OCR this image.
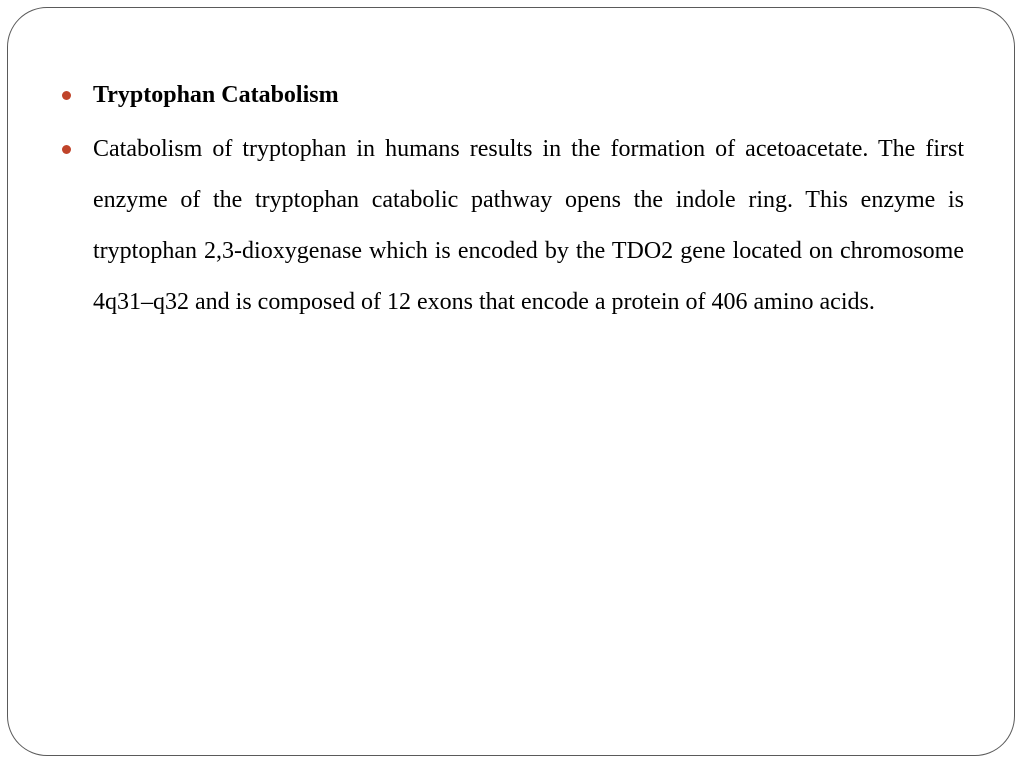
Tryptophan Catabolism
Catabolism of tryptophan in humans results in the formation of acetoacetate. The first enzyme of the tryptophan catabolic pathway opens the indole ring. This enzyme is tryptophan 2,3-dioxygenase which is encoded by the TDO2 gene located on chromosome 4q31–q32 and is composed of 12 exons that encode a protein of 406 amino acids.
